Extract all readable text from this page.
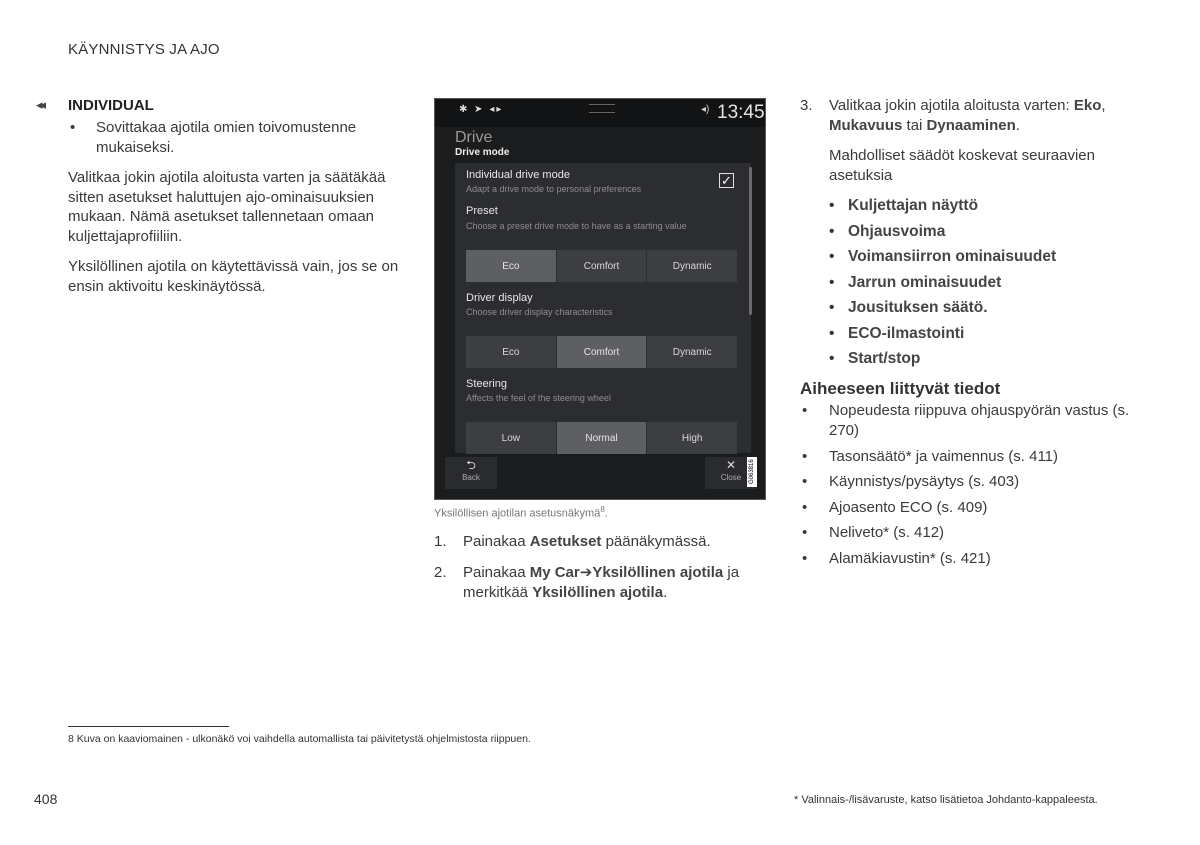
KÄYNNISTYS JA AJO
◂◂ INDIVIDUAL
• Sovittakaa ajotila omien toivomustenne mukaiseksi.

Valitkaa jokin ajotila aloitusta varten ja säätäkää sitten asetukset haluttujen ajo-ominaisuuksien mukaan. Nämä asetukset tallennetaan omaan kuljettajaprofiiliin.

Yksilöllinen ajotila on käytettävissä vain, jos se on ensin aktivoitu keskinäytössä.

✱ ➤ ◂▸	◂) 13:45
Drive
Drive mode
Individual drive mode
Adapt a drive mode to personal preferences
✓
Preset
Choose a preset drive mode to have as a starting value
Eco	Comfort	Dynamic
Driver display
Choose driver display characteristics
Eco	Comfort	Dynamic
Steering
Affects the feel of the steering wheel
Low	Normal	High
⮌
Back
✕
Close	G063816
Yksilöllisen ajotilan asetusnäkymä$^8$.
1. Painakaa Asetukset päänäkymässä.
2. Painakaa My Car➔Yksilöllinen ajotila ja merkitkää Yksilöllinen ajotila.
3. Valitkaa jokin ajotila aloitusta varten: Eko, Mukavuus tai Dynaaminen.
Mahdolliset säädöt koskevat seuraavien asetuksia
• Kuljettajan näyttö
• Ohjausvoima
• Voimansiirron ominaisuudet
• Jarrun ominaisuudet
• Jousituksen säätö.
• ECO-ilmastointi
• Start/stop
Aiheeseen liittyvät tiedot
• Nopeudesta riippuva ohjauspyörän vastus (s. 270)
• Tasonsäätö* ja vaimennus (s. 411)
• Käynnistys/pysäytys (s. 403)
• Ajoasento ECO (s. 409)
• Neliveto* (s. 412)
• Alamäkiavustin* (s. 421)
8 Kuva on kaaviomainen - ulkonäkö voi vaihdella automallista tai päivitetystä ohjelmistosta riippuen.
408	* Valinnais-/lisävaruste, katso lisätietoa Johdanto-kappaleesta.
